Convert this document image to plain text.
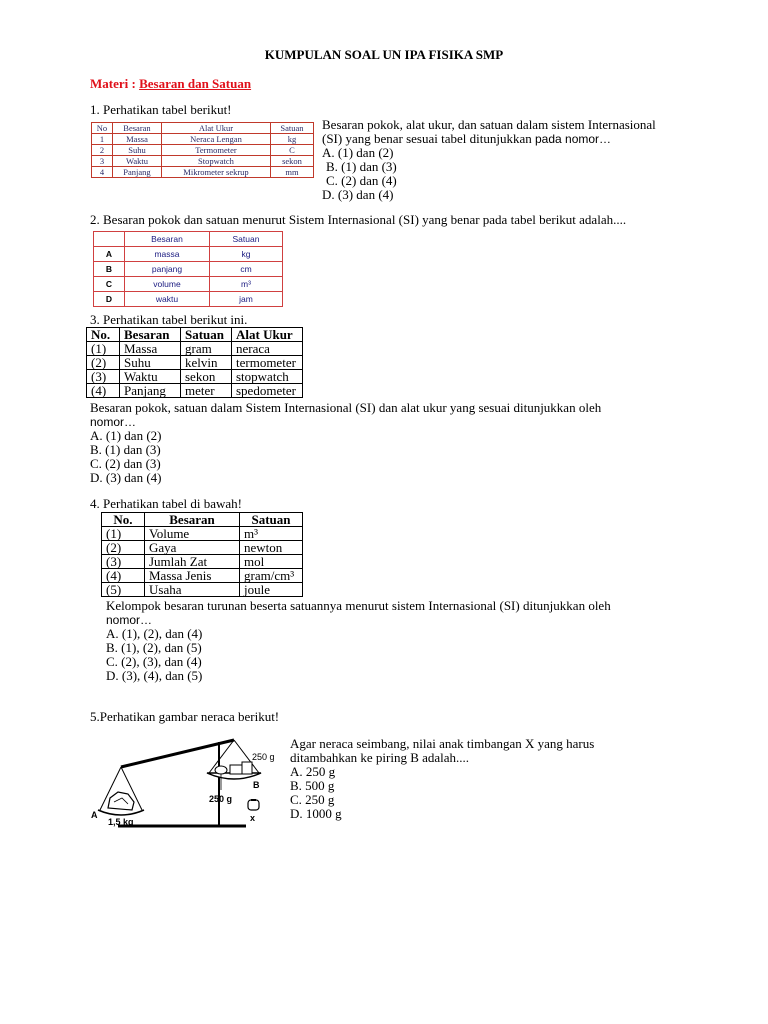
KUMPULAN SOAL UN IPA FISIKA SMP
Materi : Besaran dan Satuan
1. Perhatikan tabel berikut!
No	Besaran	Alat Ukur	Satuan
1	Massa	Neraca Lengan	kg
2	Suhu	Termometer	C
3	Waktu	Stopwatch	sekon
4	Panjang	Mikrometer sekrup	mm
Besaran pokok, alat ukur, dan satuan dalam sistem Internasional
(SI) yang benar sesuai tabel ditunjukkan pada nomor…
A. (1) dan (2)
B. (1) dan (3)
C. (2) dan (4)
D. (3) dan (4)
2. Besaran pokok dan satuan menurut Sistem Internasional (SI) yang benar pada tabel berikut adalah....
	Besaran	Satuan
A	massa	kg
B	panjang	cm
C	volume	m³
D	waktu	jam
3. Perhatikan tabel berikut ini.
No.	Besaran	Satuan	Alat Ukur
(1)	Massa	gram	neraca
(2)	Suhu	kelvin	termometer
(3)	Waktu	sekon	stopwatch
(4)	Panjang	meter	spedometer
Besaran pokok, satuan dalam Sistem Internasional (SI) dan alat ukur yang sesuai ditunjukkan oleh
nomor…
A. (1) dan (2)
B. (1) dan (3)
C. (2) dan (3)
D. (3) dan (4)
4. Perhatikan tabel di bawah!
No.	Besaran	Satuan
(1)	Volume	m³
(2)	Gaya	newton
(3)	Jumlah Zat	mol
(4)	Massa Jenis	gram/cm³
(5)	Usaha	joule
Kelompok besaran turunan beserta satuannya menurut sistem Internasional (SI) ditunjukkan oleh
nomor…
A. (1), (2), dan (4)
B. (1), (2), dan (5)
C. (2), (3), dan (4)
D. (3), (4), dan (5)
5.Perhatikan gambar neraca berikut!
250 g
250 g
B
A
1,5 kg	x
Agar neraca seimbang, nilai anak timbangan X yang harus
ditambahkan ke piring B adalah....
A. 250 g
B. 500 g
C. 250 g
D. 1000 g
